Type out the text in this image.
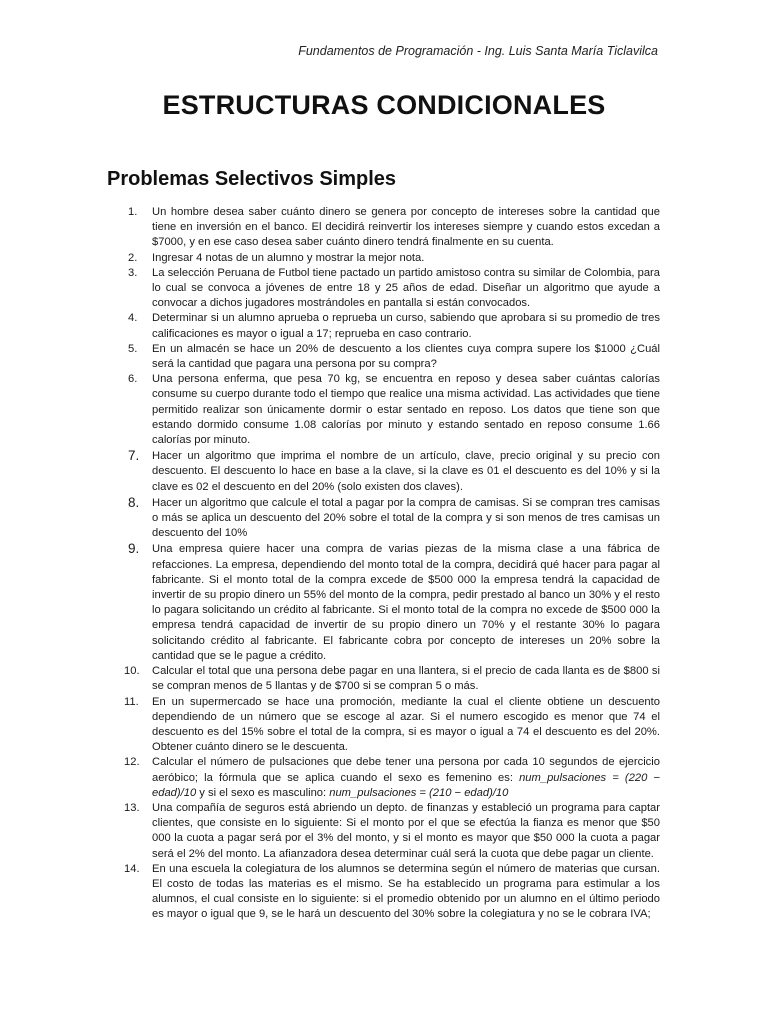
Fundamentos de Programación - Ing. Luis Santa María Ticlavilca
ESTRUCTURAS CONDICIONALES
Problemas Selectivos Simples
1. Un hombre desea saber cuánto dinero se genera por concepto de intereses sobre la cantidad que tiene en inversión en el banco. El decidirá reinvertir los intereses siempre y cuando estos excedan a $7000, y en ese caso desea saber cuánto dinero tendrá finalmente en su cuenta.
2. Ingresar 4 notas de un alumno y mostrar la mejor nota.
3. La selección Peruana de Futbol tiene pactado un partido amistoso contra su similar de Colombia, para lo cual se convoca a jóvenes de entre 18 y 25 años de edad. Diseñar un algoritmo que ayude a convocar a dichos jugadores mostrándoles en pantalla si están convocados.
4. Determinar si un alumno aprueba o reprueba un curso, sabiendo que aprobara si su promedio de tres calificaciones es mayor o igual a 17; reprueba en caso contrario.
5. En un almacén se hace un 20% de descuento a los clientes cuya compra supere los $1000 ¿Cuál será la cantidad que pagara una persona por su compra?
6. Una persona enferma, que pesa 70 kg, se encuentra en reposo y desea saber cuántas calorías consume su cuerpo durante todo el tiempo que realice una misma actividad. Las actividades que tiene permitido realizar son únicamente dormir o estar sentado en reposo. Los datos que tiene son que estando dormido consume 1.08 calorías por minuto y estando sentado en reposo consume 1.66 calorías por minuto.
7. Hacer un algoritmo que imprima el nombre de un artículo, clave, precio original y su precio con descuento. El descuento lo hace en base a la clave, si la clave es 01 el descuento es del 10% y si la clave es 02 el descuento en del 20% (solo existen dos claves).
8. Hacer un algoritmo que calcule el total a pagar por la compra de camisas. Si se compran tres camisas o más se aplica un descuento del 20% sobre el total de la compra y si son menos de tres camisas un descuento del 10%
9. Una empresa quiere hacer una compra de varias piezas de la misma clase a una fábrica de refacciones. La empresa, dependiendo del monto total de la compra, decidirá qué hacer para pagar al fabricante. Si el monto total de la compra excede de $500 000 la empresa tendrá la capacidad de invertir de su propio dinero un 55% del monto de la compra, pedir prestado al banco un 30% y el resto lo pagara solicitando un crédito al fabricante. Si el monto total de la compra no excede de $500 000 la empresa tendrá capacidad de invertir de su propio dinero un 70% y el restante 30% lo pagara solicitando crédito al fabricante. El fabricante cobra por concepto de intereses un 20% sobre la cantidad que se le pague a crédito.
10. Calcular el total que una persona debe pagar en una llantera, si el precio de cada llanta es de $800 si se compran menos de 5 llantas y de $700 si se compran 5 o más.
11. En un supermercado se hace una promoción, mediante la cual el cliente obtiene un descuento dependiendo de un número que se escoge al azar. Si el numero escogido es menor que 74 el descuento es del 15% sobre el total de la compra, si es mayor o igual a 74 el descuento es del 20%. Obtener cuánto dinero se le descuenta.
12. Calcular el número de pulsaciones que debe tener una persona por cada 10 segundos de ejercicio aeróbico; la fórmula que se aplica cuando el sexo es femenino es: num_pulsaciones = (220 − edad)/10 y si el sexo es masculino: num_pulsaciones = (210 − edad)/10
13. Una compañía de seguros está abriendo un depto. de finanzas y estableció un programa para captar clientes, que consiste en lo siguiente: Si el monto por el que se efectúa la fianza es menor que $50 000 la cuota a pagar será por el 3% del monto, y si el monto es mayor que $50 000 la cuota a pagar será el 2% del monto. La afianzadora desea determinar cuál será la cuota que debe pagar un cliente.
14. En una escuela la colegiatura de los alumnos se determina según el número de materias que cursan. El costo de todas las materias es el mismo. Se ha establecido un programa para estimular a los alumnos, el cual consiste en lo siguiente: si el promedio obtenido por un alumno en el último periodo es mayor o igual que 9, se le hará un descuento del 30% sobre la colegiatura y no se le cobrara IVA;
